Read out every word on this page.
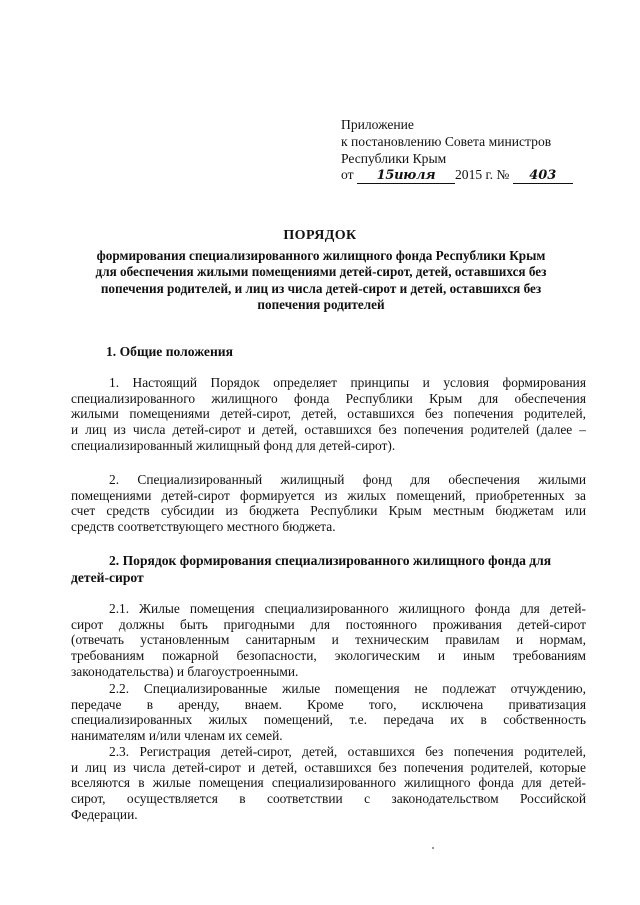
Приложение
к постановлению Совета министров
Республики Крым
от 15июля 2015 г. № 403
ПОРЯДОК
формирования специализированного жилищного фонда Республики Крым
для обеспечения жилыми помещениями детей-сирот, детей, оставшихся без
попечения родителей, и лиц из числа детей-сирот и детей, оставшихся без
попечения родителей
1. Общие положения
1. Настоящий Порядок определяет принципы и условия формирования
специализированного жилищного фонда Республики Крым для обеспечения
жилыми помещениями детей-сирот, детей, оставшихся без попечения родителей,
и лиц из числа детей-сирот и детей, оставшихся без попечения родителей (далее –
специализированный жилищный фонд для детей-сирот).
2. Специализированный жилищный фонд для обеспечения жилыми
помещениями детей-сирот формируется из жилых помещений, приобретенных за
счет средств субсидии из бюджета Республики Крым местным бюджетам или
средств соответствующего местного бюджета.
2. Порядок формирования специализированного жилищного фонда для
детей-сирот
2.1. Жилые помещения специализированного жилищного фонда для детей-
сирот должны быть пригодными для постоянного проживания детей-сирот
(отвечать установленным санитарным и техническим правилам и нормам,
требованиям пожарной безопасности, экологическим и иным требованиям
законодательства) и благоустроенными.
2.2. Специализированные жилые помещения не подлежат отчуждению,
передаче в аренду, внаем. Кроме того, исключена приватизация
специализированных жилых помещений, т.е. передача их в собственность
нанимателям и/или членам их семей.
2.3. Регистрация детей-сирот, детей, оставшихся без попечения родителей,
и лиц из числа детей-сирот и детей, оставшихся без попечения родителей, которые
вселяются в жилые помещения специализированного жилищного фонда для детей-
сирот, осуществляется в соответствии с законодательством Российской
Федерации.
